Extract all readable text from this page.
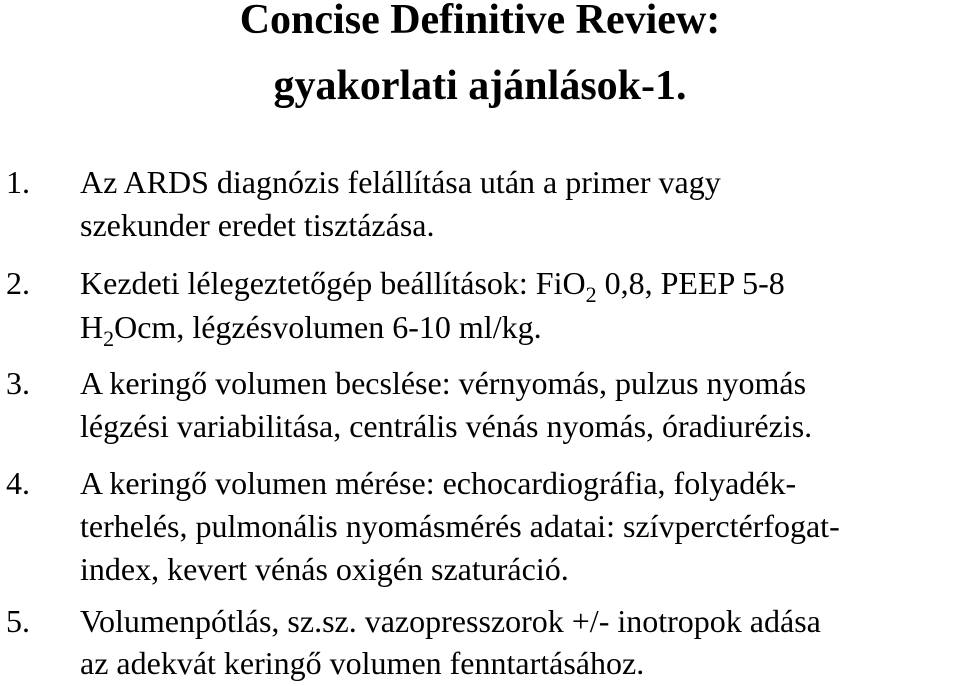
Concise Definitive Review:
gyakorlati ajánlások-1.
1. Az ARDS diagnózis felállítása után a primer vagy
szekunder eredet tisztázása.
2. Kezdeti lélegeztetőgép beállítások: FiO$_2$ 0,8, PEEP 5-8
$H_2Ocm$, légzésvolumen 6-10 ml/kg.
3. A keringő volumen becslése: vérnyomás, pulzus nyomás
légzési variabilitása, centrális vénás nyomás, óradiurézis.
4. A keringő volumen mérése: echocardiográfia, folyadék-
terhelés, pulmonális nyomásmérés adatai: szívperctérfogat-
index, kevert vénás oxigén szaturáció.
5. Volumenpótlás, sz.sz. vazopresszorok +/- inotropok adása
az adekvát keringő volumen fenntartásához.
